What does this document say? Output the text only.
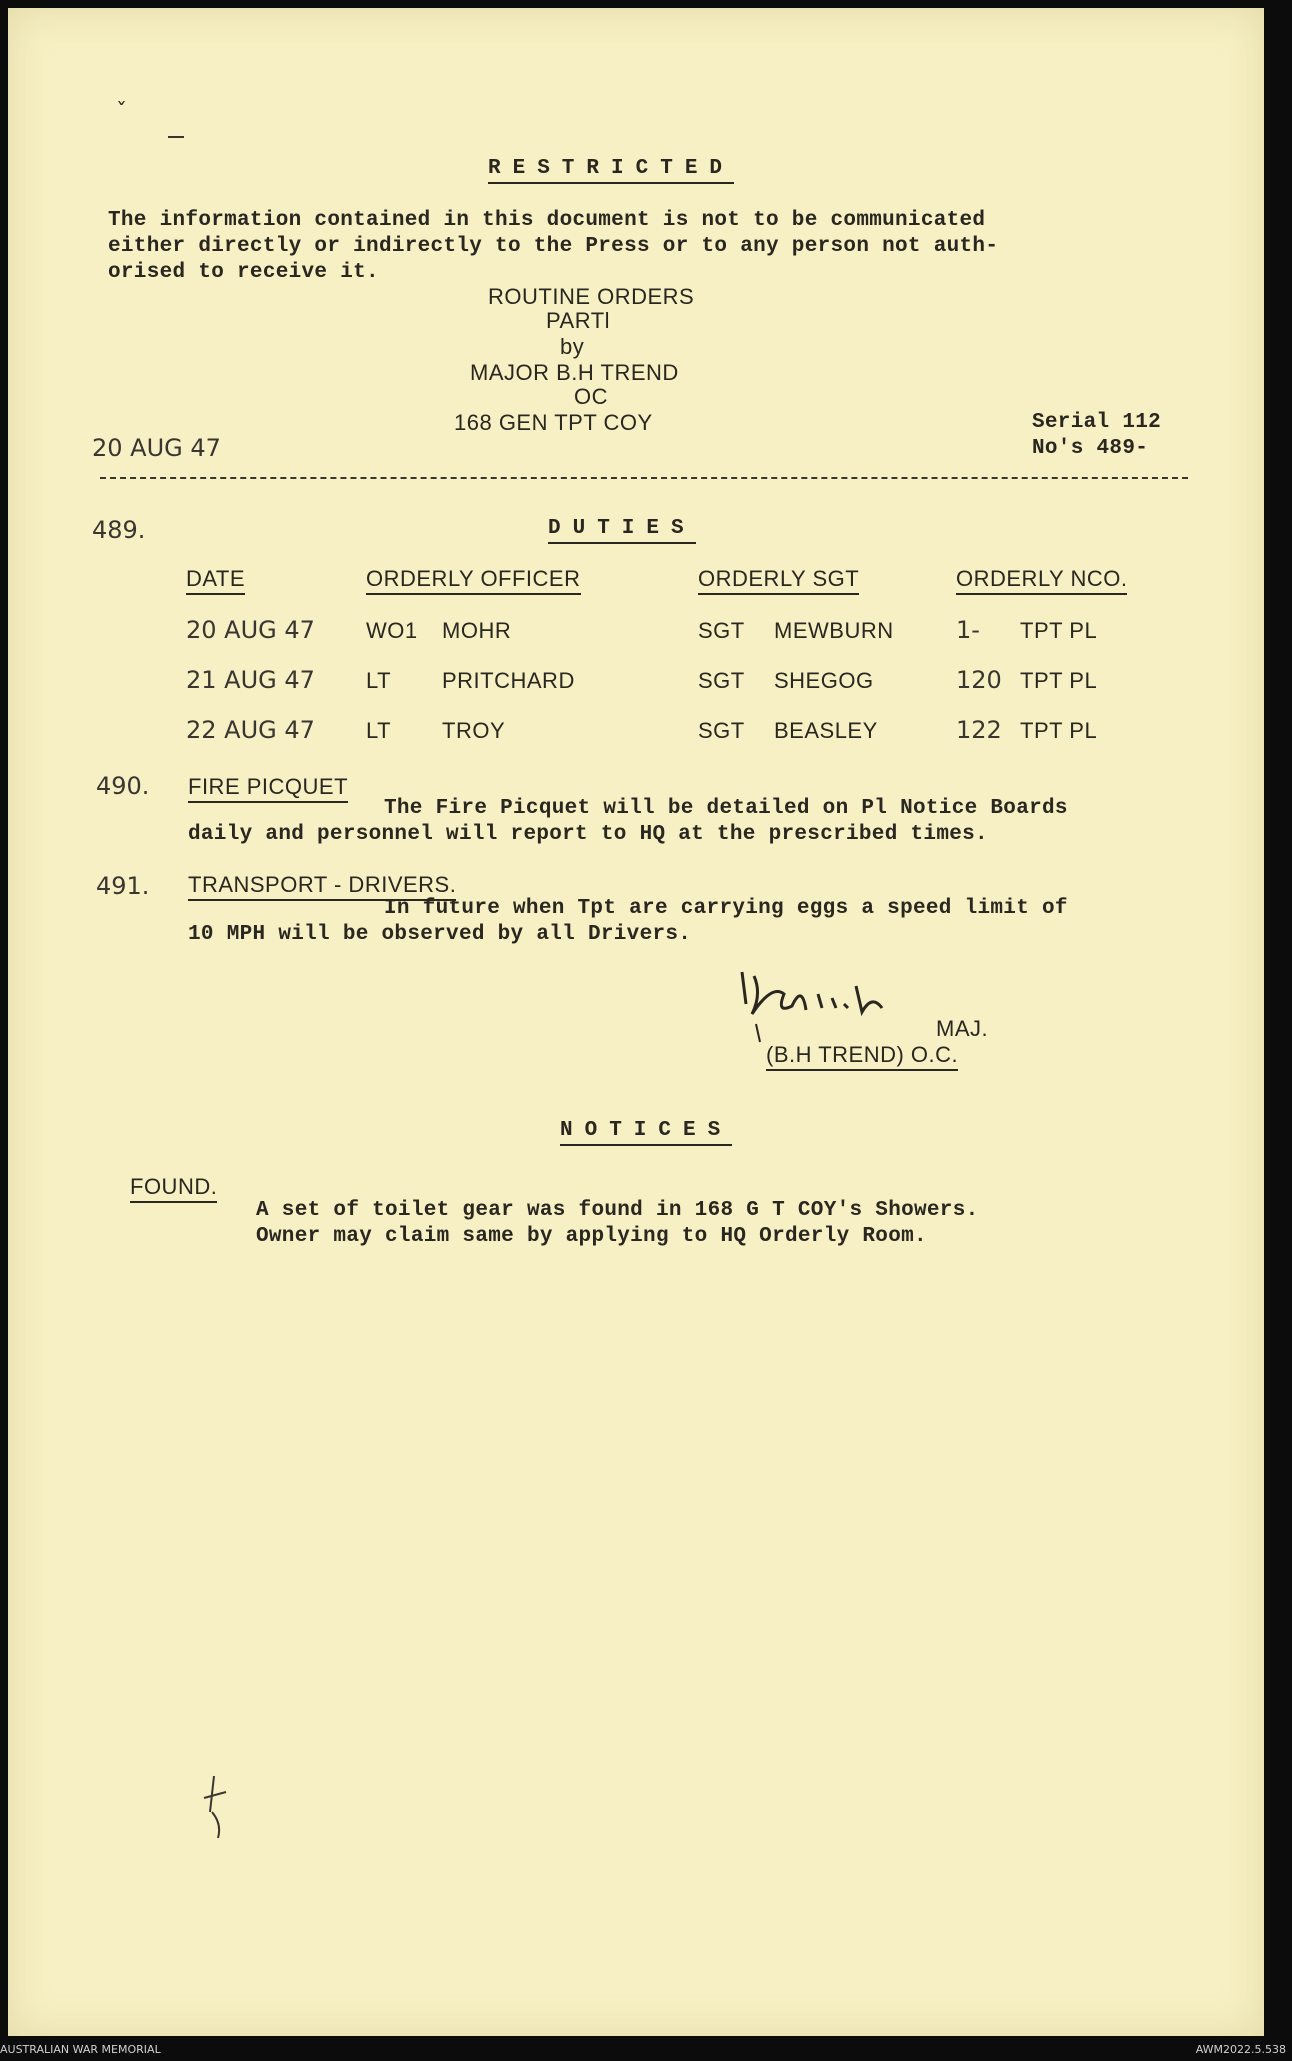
ˇ
RESTRICTED
The information contained in this document is not to be communicated
either directly or indirectly to the Press or to any person not auth-
orised to receive it.
ROUTINE ORDERS
PARTl
by
MAJOR B.H TREND
OC
168 GEN TPT COY
20 AUG 47
Serial 112
No's 489-
489.	DUTIES
DATE	ORDERLY OFFICER	ORDERLY SGT	ORDERLY NCO.
20 AUG 47 WO1 MOHR	SGT MEWBURN	1- TPT PL
21 AUG 47 LT PRITCHARD	SGT SHEGOG	120 TPT PL
22 AUG 47 LT TROY	SGT BEASLEY	122 TPT PL
490. FIRE PICQUET
The Fire Picquet will be detailed on Pl Notice Boards
daily and personnel will report to HQ at the prescribed times.
491. TRANSPORT - DRIVERS.
In future when Tpt are carrying eggs a speed limit of
10 MPH will be observed by all Drivers.
MAJ.
(B.H TREND) O.C.
NOTICES
FOUND.
A set of toilet gear was found in 168 G T COY's Showers.
Owner may claim same by applying to HQ Orderly Room.
AUSTRALIAN WAR MEMORIAL	AWM2022.5.538
